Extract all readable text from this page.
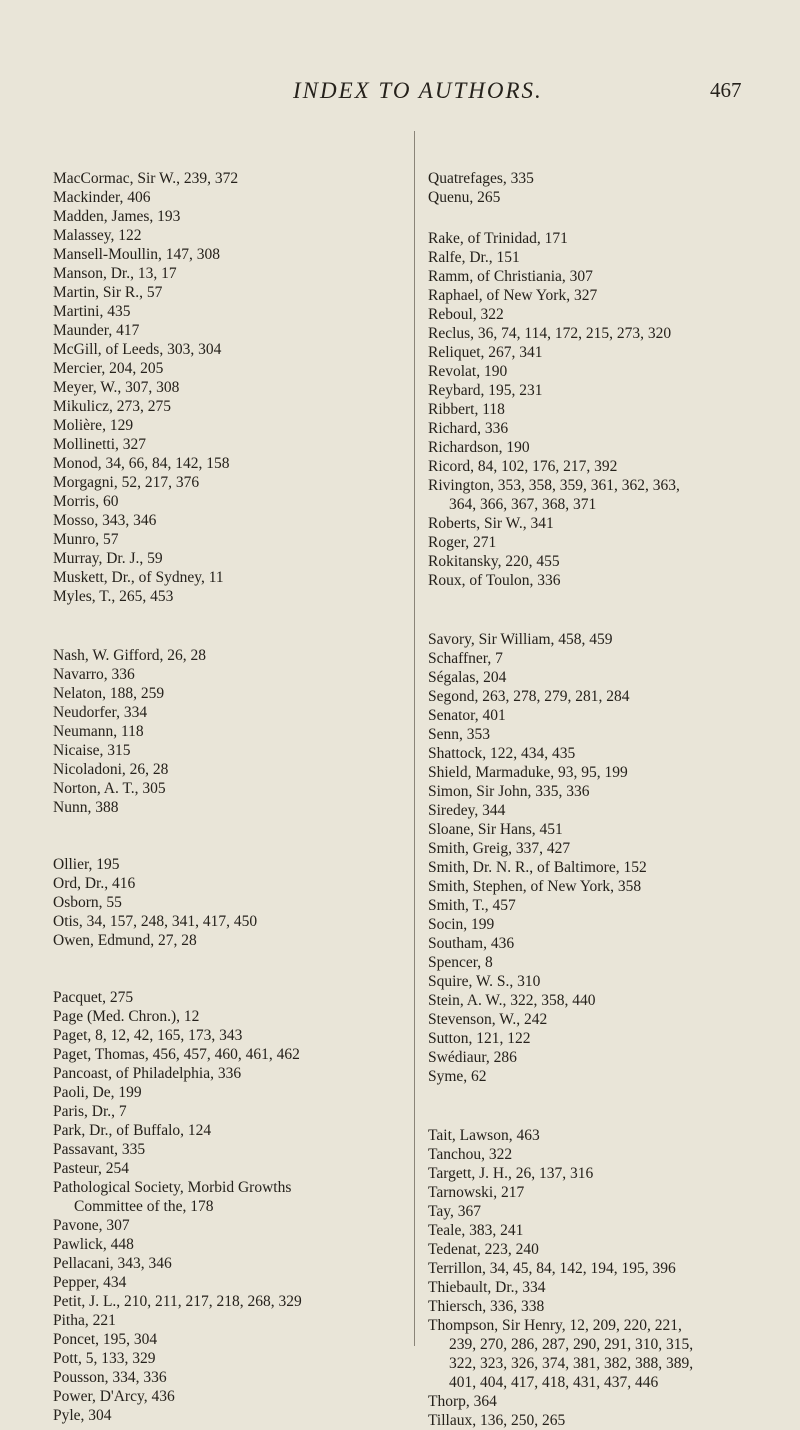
INDEX TO AUTHORS.	467
MacCormac, Sir W., 239, 372
Mackinder, 406
Madden, James, 193
Malassey, 122
Mansell-Moullin, 147, 308
Manson, Dr., 13, 17
Martin, Sir R., 57
Martini, 435
Maunder, 417
McGill, of Leeds, 303, 304
Mercier, 204, 205
Meyer, W., 307, 308
Mikulicz, 273, 275
Molière, 129
Mollinetti, 327
Monod, 34, 66, 84, 142, 158
Morgagni, 52, 217, 376
Morris, 60
Mosso, 343, 346
Munro, 57
Murray, Dr. J., 59
Muskett, Dr., of Sydney, 11
Myles, T., 265, 453
Nash, W. Gifford, 26, 28
Navarro, 336
Nelaton, 188, 259
Neudorfer, 334
Neumann, 118
Nicaise, 315
Nicoladoni, 26, 28
Norton, A. T., 305
Nunn, 388
Ollier, 195
Ord, Dr., 416
Osborn, 55
Otis, 34, 157, 248, 341, 417, 450
Owen, Edmund, 27, 28
Pacquet, 275
Page (Med. Chron.), 12
Paget, 8, 12, 42, 165, 173, 343
Paget, Thomas, 456, 457, 460, 461, 462
Pancoast, of Philadelphia, 336
Paoli, De, 199
Paris, Dr., 7
Park, Dr., of Buffalo, 124
Passavant, 335
Pasteur, 254
Pathological Society, Morbid Growths
Committee of the, 178
Pavone, 307
Pawlick, 448
Pellacani, 343, 346
Pepper, 434
Petit, J. L., 210, 211, 217, 218, 268, 329
Pitha, 221
Poncet, 195, 304
Pott, 5, 133, 329
Pousson, 334, 336
Power, D'Arcy, 436
Pyle, 304
Quatrefages, 335
Quenu, 265
Rake, of Trinidad, 171
Ralfe, Dr., 151
Ramm, of Christiania, 307
Raphael, of New York, 327
Reboul, 322
Reclus, 36, 74, 114, 172, 215, 273, 320
Reliquet, 267, 341
Revolat, 190
Reybard, 195, 231
Ribbert, 118
Richard, 336
Richardson, 190
Ricord, 84, 102, 176, 217, 392
Rivington, 353, 358, 359, 361, 362, 363,
364, 366, 367, 368, 371
Roberts, Sir W., 341
Roger, 271
Rokitansky, 220, 455
Roux, of Toulon, 336
Savory, Sir William, 458, 459
Schaffner, 7
Ségalas, 204
Segond, 263, 278, 279, 281, 284
Senator, 401
Senn, 353
Shattock, 122, 434, 435
Shield, Marmaduke, 93, 95, 199
Simon, Sir John, 335, 336
Siredey, 344
Sloane, Sir Hans, 451
Smith, Greig, 337, 427
Smith, Dr. N. R., of Baltimore, 152
Smith, Stephen, of New York, 358
Smith, T., 457
Socin, 199
Southam, 436
Spencer, 8
Squire, W. S., 310
Stein, A. W., 322, 358, 440
Stevenson, W., 242
Sutton, 121, 122
Swédiaur, 286
Syme, 62
Tait, Lawson, 463
Tanchou, 322
Targett, J. H., 26, 137, 316
Tarnowski, 217
Tay, 367
Teale, 383, 241
Tedenat, 223, 240
Terrillon, 34, 45, 84, 142, 194, 195, 396
Thiebault, Dr., 334
Thiersch, 336, 338
Thompson, Sir Henry, 12, 209, 220, 221,
239, 270, 286, 287, 290, 291, 310, 315,
322, 323, 326, 374, 381, 382, 388, 389,
401, 404, 417, 418, 431, 437, 446
Thorp, 364
Tillaux, 136, 250, 265
